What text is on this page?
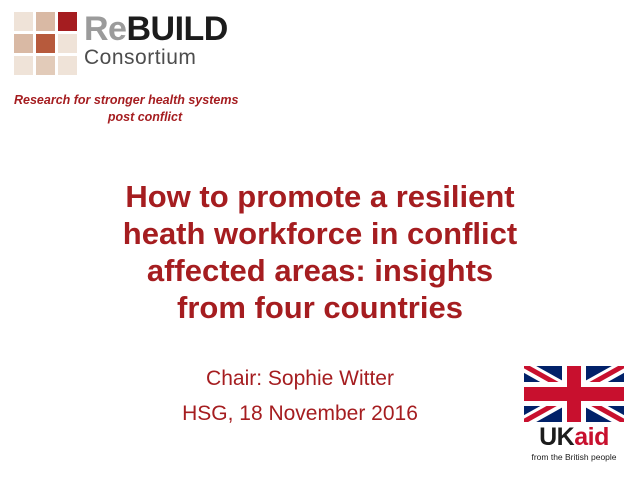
ReBUILD
Consortium
Research for stronger health systems
post conflict
How to promote a resilient
heath workforce in conflict
affected areas: insights
from four countries
Chair: Sophie Witter
HSG, 18 November 2016
UKaid
from the British people
